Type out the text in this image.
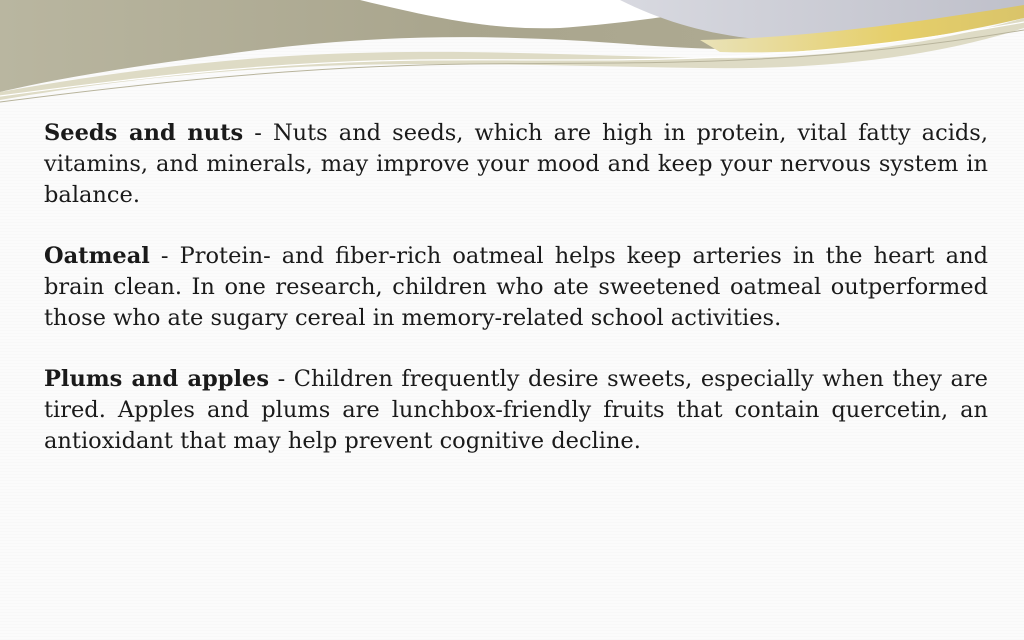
Seeds and nuts - Nuts and seeds, which are high in protein, vital fatty acids, vitamins, and minerals, may improve your mood and keep your nervous system in balance.

Oatmeal - Protein- and fiber-rich oatmeal helps keep arteries in the heart and brain clean. In one research, children who ate sweetened oatmeal outperformed those who ate sugary cereal in memory-related school activities.

Plums and apples - Children frequently desire sweets, especially when they are tired. Apples and plums are lunchbox-friendly fruits that contain quercetin, an antioxidant that may help prevent cognitive decline.
